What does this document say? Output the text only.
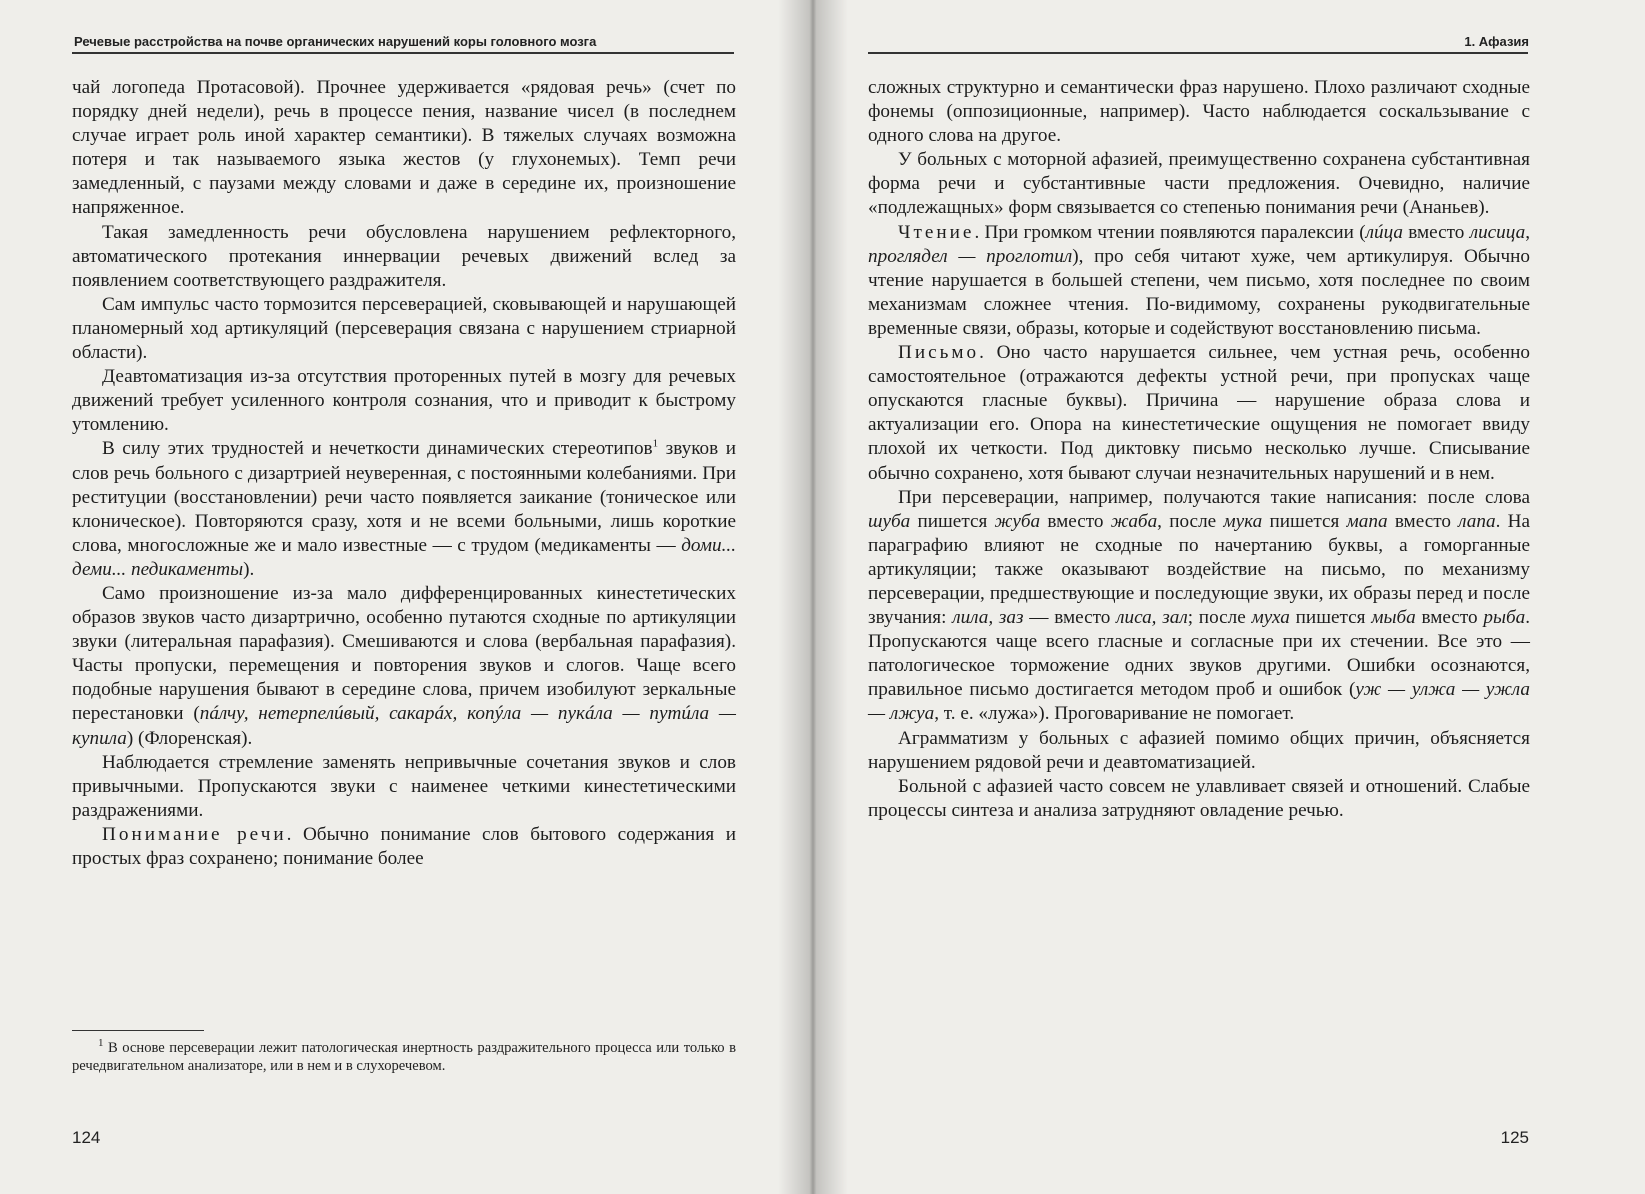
Речевые расстройства на почве органических нарушений коры головного мозга

чай логопеда Протасовой). Прочнее удерживается «рядовая речь» (счет по порядку дней недели), речь в процессе пения, название чисел (в последнем случае играет роль иной характер семантики). В тяжелых случаях возможна потеря и так называемого языка жестов (у глухонемых). Темп речи замедленный, с паузами между словами и даже в середине их, произношение напряженное.

Такая замедленность речи обусловлена нарушением рефлекторного, автоматического протекания иннервации речевых движений вслед за появлением соответствующего раздражителя.

Сам импульс часто тормозится персеверацией, сковывающей и нарушающей планомерный ход артикуляций (персеверация связана с нарушением стриарной области).

Деавтоматизация из-за отсутствия проторенных путей в мозгу для речевых движений требует усиленного контроля сознания, что и приводит к быстрому утомлению.

В силу этих трудностей и нечеткости динамических стереотипов$^1$ звуков и слов речь больного с дизартрией неуверенная, с постоянными колебаниями. При реституции (восстановлении) речи часто появляется заикание (тоническое или клоническое). Повторяются сразу, хотя и не всеми больными, лишь короткие слова, многосложные же и мало известные — с трудом (медикаменты — доми... деми... педикаменты).

Само произношение из-за мало дифференцированных кинестетических образов звуков часто дизартрично, особенно путаются сходные по артикуляции звуки (литеральная парафазия). Смешиваются и слова (вербальная парафазия). Часты пропуски, перемещения и повторения звуков и слогов. Чаще всего подобные нарушения бывают в середине слова, причем изобилуют зеркальные перестановки (пáлчу, нетерпелúвый, сакарáх, копýла — пукáла — путúла — купила) (Флоренская).

Наблюдается стремление заменять непривычные сочетания звуков и слов привычными. Пропускаются звуки с наименее четкими кинестетическими раздражениями.

Понимание речи. Обычно понимание слов бытового содержания и простых фраз сохранено; понимание более

$^1$ В основе персеверации лежит патологическая инертность раздражительного процесса или только в речедвигательном анализаторе, или в нем и в слухоречевом.
124
1. Афазия

сложных структурно и семантически фраз нарушено. Плохо различают сходные фонемы (оппозиционные, например). Часто наблюдается соскальзывание с одного слова на другое.

У больных с моторной афазией, преимущественно сохранена субстантивная форма речи и субстантивные части предложения. Очевидно, наличие «подлежащных» форм связывается со степенью понимания речи (Ананьев).

Чтение. При громком чтении появляются паралексии (лúца вместо лисица, проглядел — проглотил), про себя читают хуже, чем артикулируя. Обычно чтение нарушается в большей степени, чем письмо, хотя последнее по своим механизмам сложнее чтения. По-видимому, сохранены рукодвигательные временные связи, образы, которые и содействуют восстановлению письма.

Письмо. Оно часто нарушается сильнее, чем устная речь, особенно самостоятельное (отражаются дефекты устной речи, при пропусках чаще опускаются гласные буквы). Причина — нарушение образа слова и актуализации его. Опора на кинестетические ощущения не помогает ввиду плохой их четкости. Под диктовку письмо несколько лучше. Списывание обычно сохранено, хотя бывают случаи незначительных нарушений и в нем.

При персеверации, например, получаются такие написания: после слова шуба пишется жуба вместо жаба, после мука пишется мапа вместо лапа. На параграфию влияют не сходные по начертанию буквы, а гоморганные артикуляции; также оказывают воздействие на письмо, по механизму персеверации, предшествующие и последующие звуки, их образы перед и после звучания: лила, заз — вместо лиса, зал; после муха пишется мыба вместо рыба. Пропускаются чаще всего гласные и согласные при их стечении. Все это — патологическое торможение одних звуков другими. Ошибки осознаются, правильное письмо достигается методом проб и ошибок (уж — улжа — ужла — лжуа, т. е. «лужа»). Проговаривание не помогает.

Аграмматизм у больных с афазией помимо общих причин, объясняется нарушением рядовой речи и деавтоматизацией.

Больной с афазией часто совсем не улавливает связей и отношений. Слабые процессы синтеза и анализа затрудняют овладение речью.

125
